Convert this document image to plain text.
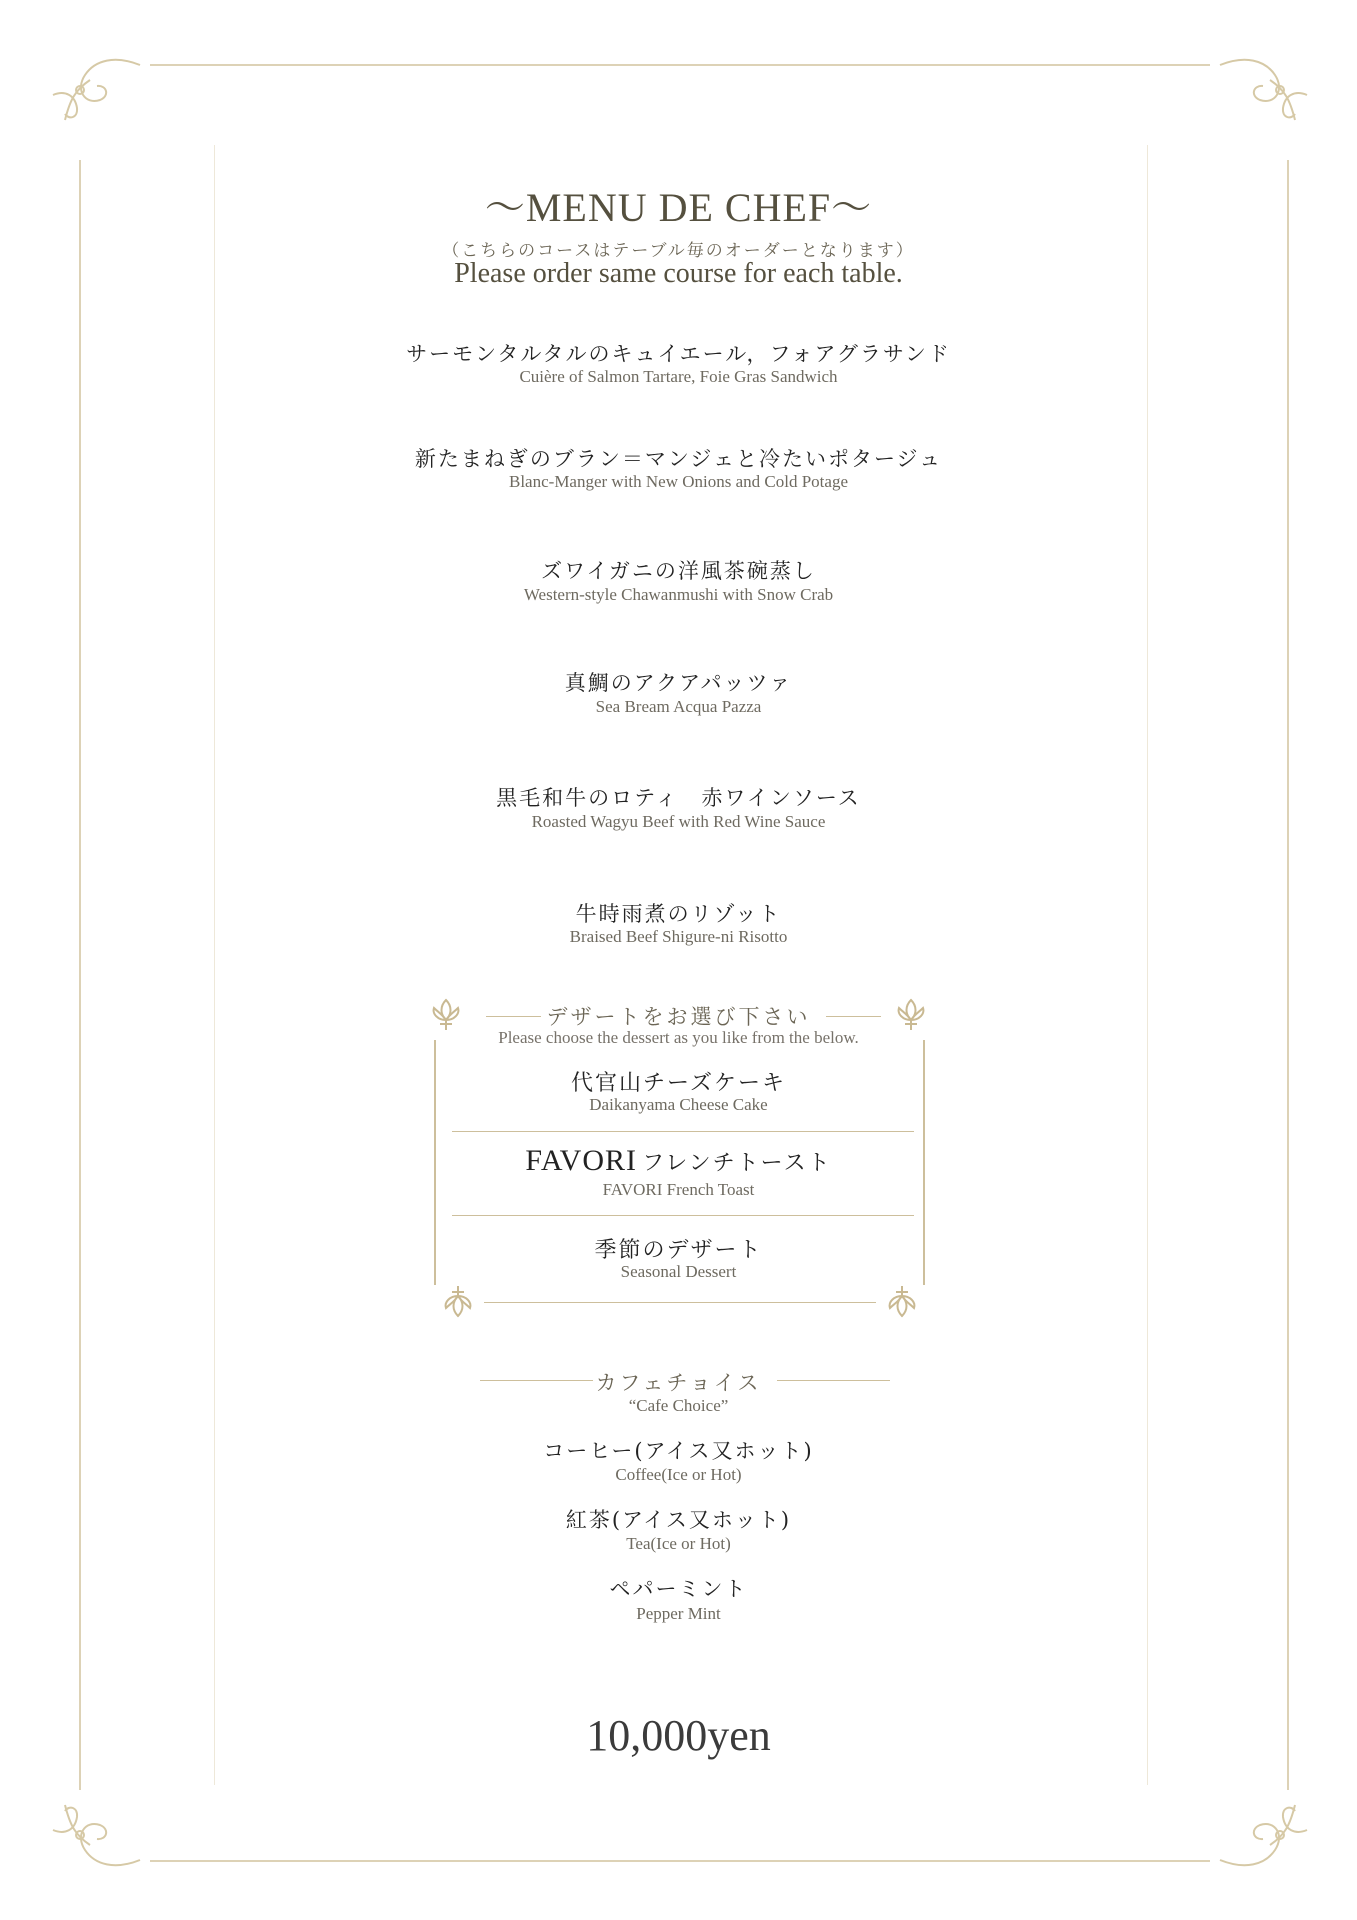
～MENU DE CHEF～
（こちらのコースはテーブル毎のオーダーとなります）
Please order same course for each table.
サーモンタルタルのキュイエール，フォアグラサンド
Cuière of Salmon Tartare, Foie Gras Sandwich
新たまねぎのブラン＝マンジェと冷たいポタージュ
Blanc-Manger with New Onions and Cold Potage
ズワイガニの洋風茶碗蒸し
Western-style Chawanmushi with Snow Crab
真鯛のアクアパッツァ
Sea Bream Acqua Pazza
黒毛和牛のロティ　赤ワインソース
Roasted Wagyu Beef with Red Wine Sauce
牛時雨煮のリゾット
Braised Beef Shigure-ni Risotto
デザートをお選び下さい
Please choose the dessert as you like from the below.
代官山チーズケーキ
Daikanyama Cheese Cake
FAVORI フレンチトースト
FAVORI French Toast
季節のデザート
Seasonal Dessert
カフェチョイス
“Cafe Choice”
コーヒー(アイス又ホット)
Coffee(Ice or Hot)
紅茶(アイス又ホット)
Tea(Ice or Hot)
ペパーミント
Pepper Mint
10,000yen
